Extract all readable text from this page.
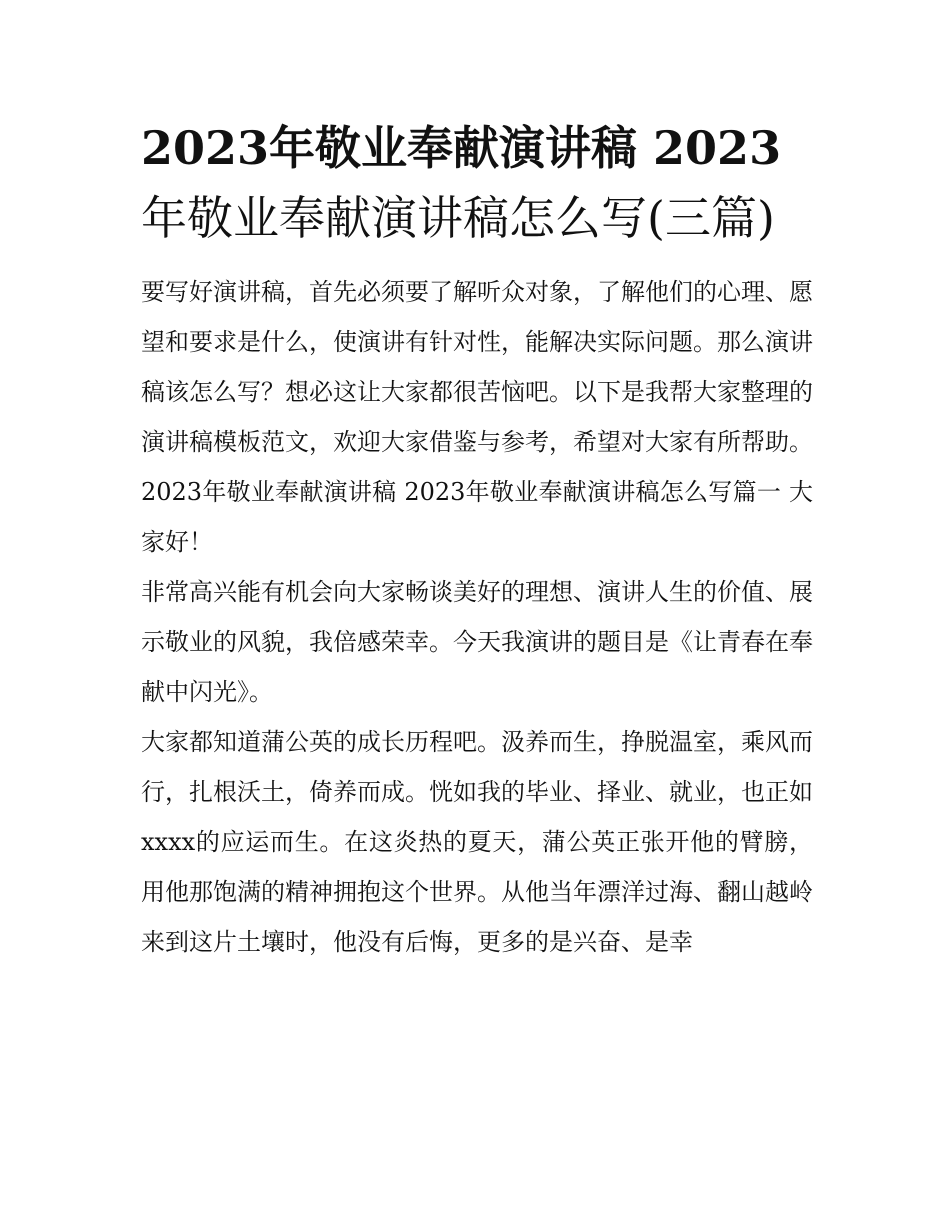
2023年敬业奉献演讲稿 2023年敬业奉献演讲稿怎么写(三篇)

要写好演讲稿，首先必须要了解听众对象，了解他们的心理、愿望和要求是什么，使演讲有针对性，能解决实际问题。那么演讲稿该怎么写？想必这让大家都很苦恼吧。以下是我帮大家整理的演讲稿模板范文，欢迎大家借鉴与参考，希望对大家有所帮助。

2023年敬业奉献演讲稿 2023年敬业奉献演讲稿怎么写篇一 大家好！

非常高兴能有机会向大家畅谈美好的理想、演讲人生的价值、展示敬业的风貌，我倍感荣幸。今天我演讲的题目是《让青春在奉献中闪光》。

大家都知道蒲公英的成长历程吧。汲养而生，挣脱温室，乘风而行，扎根沃土，倚养而成。恍如我的毕业、择业、就业，也正如xxxx的应运而生。在这炎热的夏天，蒲公英正张开他的臂膀，用他那饱满的精神拥抱这个世界。从他当年漂洋过海、翻山越岭来到这片土壤时，他没有后悔，更多的是兴奋、是幸
